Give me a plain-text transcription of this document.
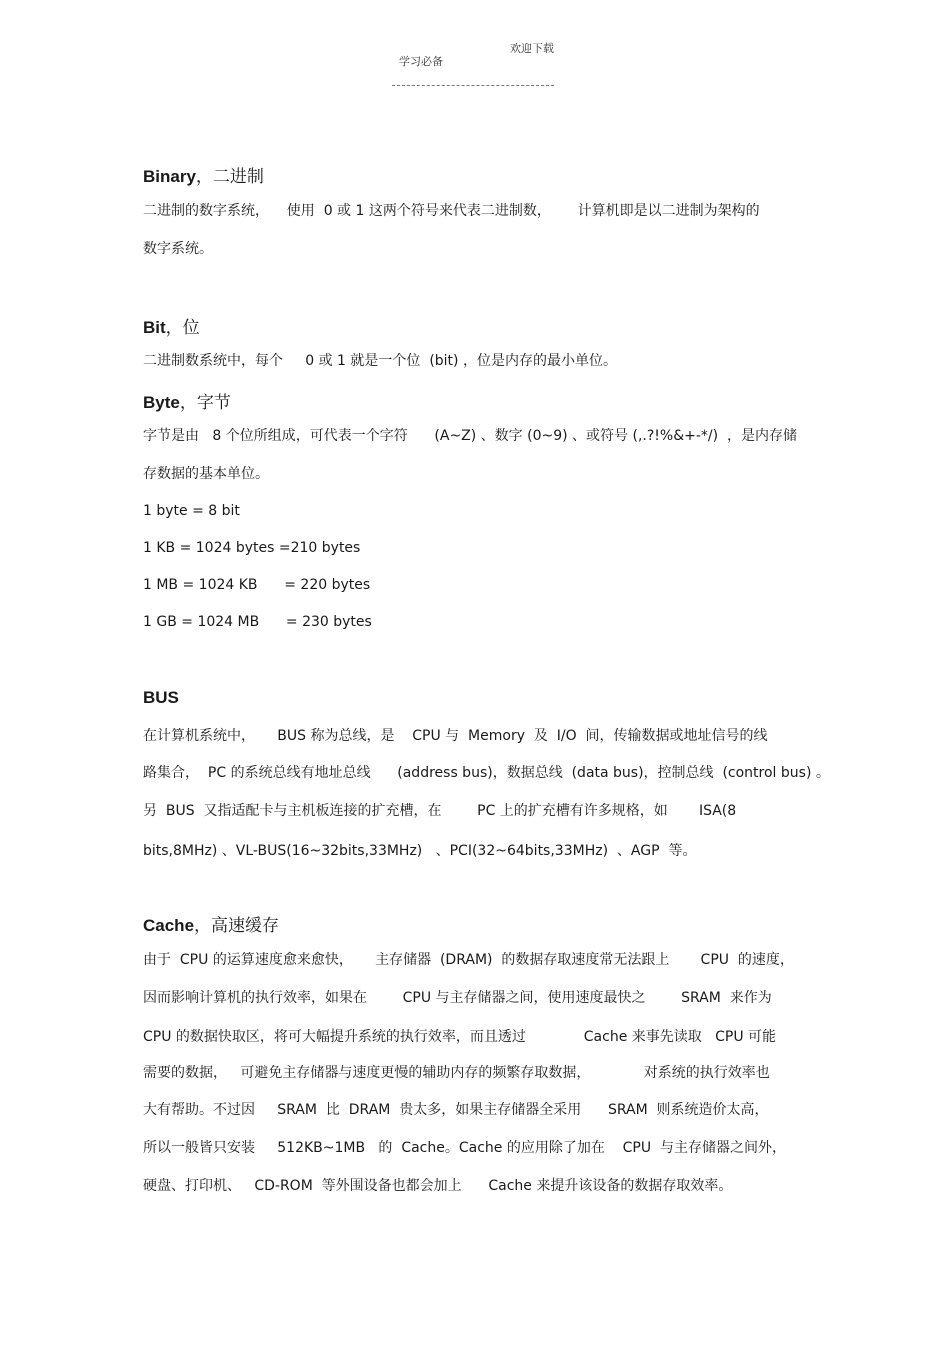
学习必备

欢迎下载

Binary，二进制
二进制的数字系统，    使用  0 或 1 这两个符号来代表二进制数，      计算机即是以二进制为架构的
数字系统。
Bit，位
二进制数系统中，每个     0 或 1 就是一个位  (bit) ，位是内存的最小单位。
Byte，字节
字节是由   8 个位所组成，可代表一个字符      (A~Z) 、数字 (0~9) 、或符号 (,.?!%&+-*/)  ，是内存储
存数据的基本单位。
1 byte = 8 bit
1 KB = 1024 bytes =210 bytes
1 MB = 1024 KB      = 220 bytes
1 GB = 1024 MB      = 230 bytes
BUS
在计算机系统中，     BUS 称为总线，是    CPU 与  Memory  及  I/O  间，传输数据或地址信号的线
路集合，  PC 的系统总线有地址总线      (address bus)，数据总线  (data bus)，控制总线  (control bus) 。
另  BUS  又指适配卡与主机板连接的扩充槽，在        PC 上的扩充槽有许多规格，如       ISA(8
bits,8MHz) 、VL-BUS(16~32bits,33MHz)   、PCI(32~64bits,33MHz)  、AGP  等。
Cache，高速缓存
由于  CPU 的运算速度愈来愈快，     主存储器  (DRAM)  的数据存取速度常无法跟上       CPU  的速度，
因而影响计算机的执行效率，如果在        CPU 与主存储器之间，使用速度最快之        SRAM  来作为
CPU 的数据快取区，将可大幅提升系统的执行效率，而且透过             Cache 来事先读取   CPU 可能
需要的数据，   可避免主存储器与速度更慢的辅助内存的频繁存取数据，            对系统的执行效率也
大有帮助。不过因     SRAM  比  DRAM  贵太多，如果主存储器全采用      SRAM  则系统造价太高，
所以一般皆只安装     512KB~1MB   的  Cache。Cache 的应用除了加在    CPU  与主存储器之间外，
硬盘、打印机、   CD-ROM  等外围设备也都会加上      Cache 来提升该设备的数据存取效率。
